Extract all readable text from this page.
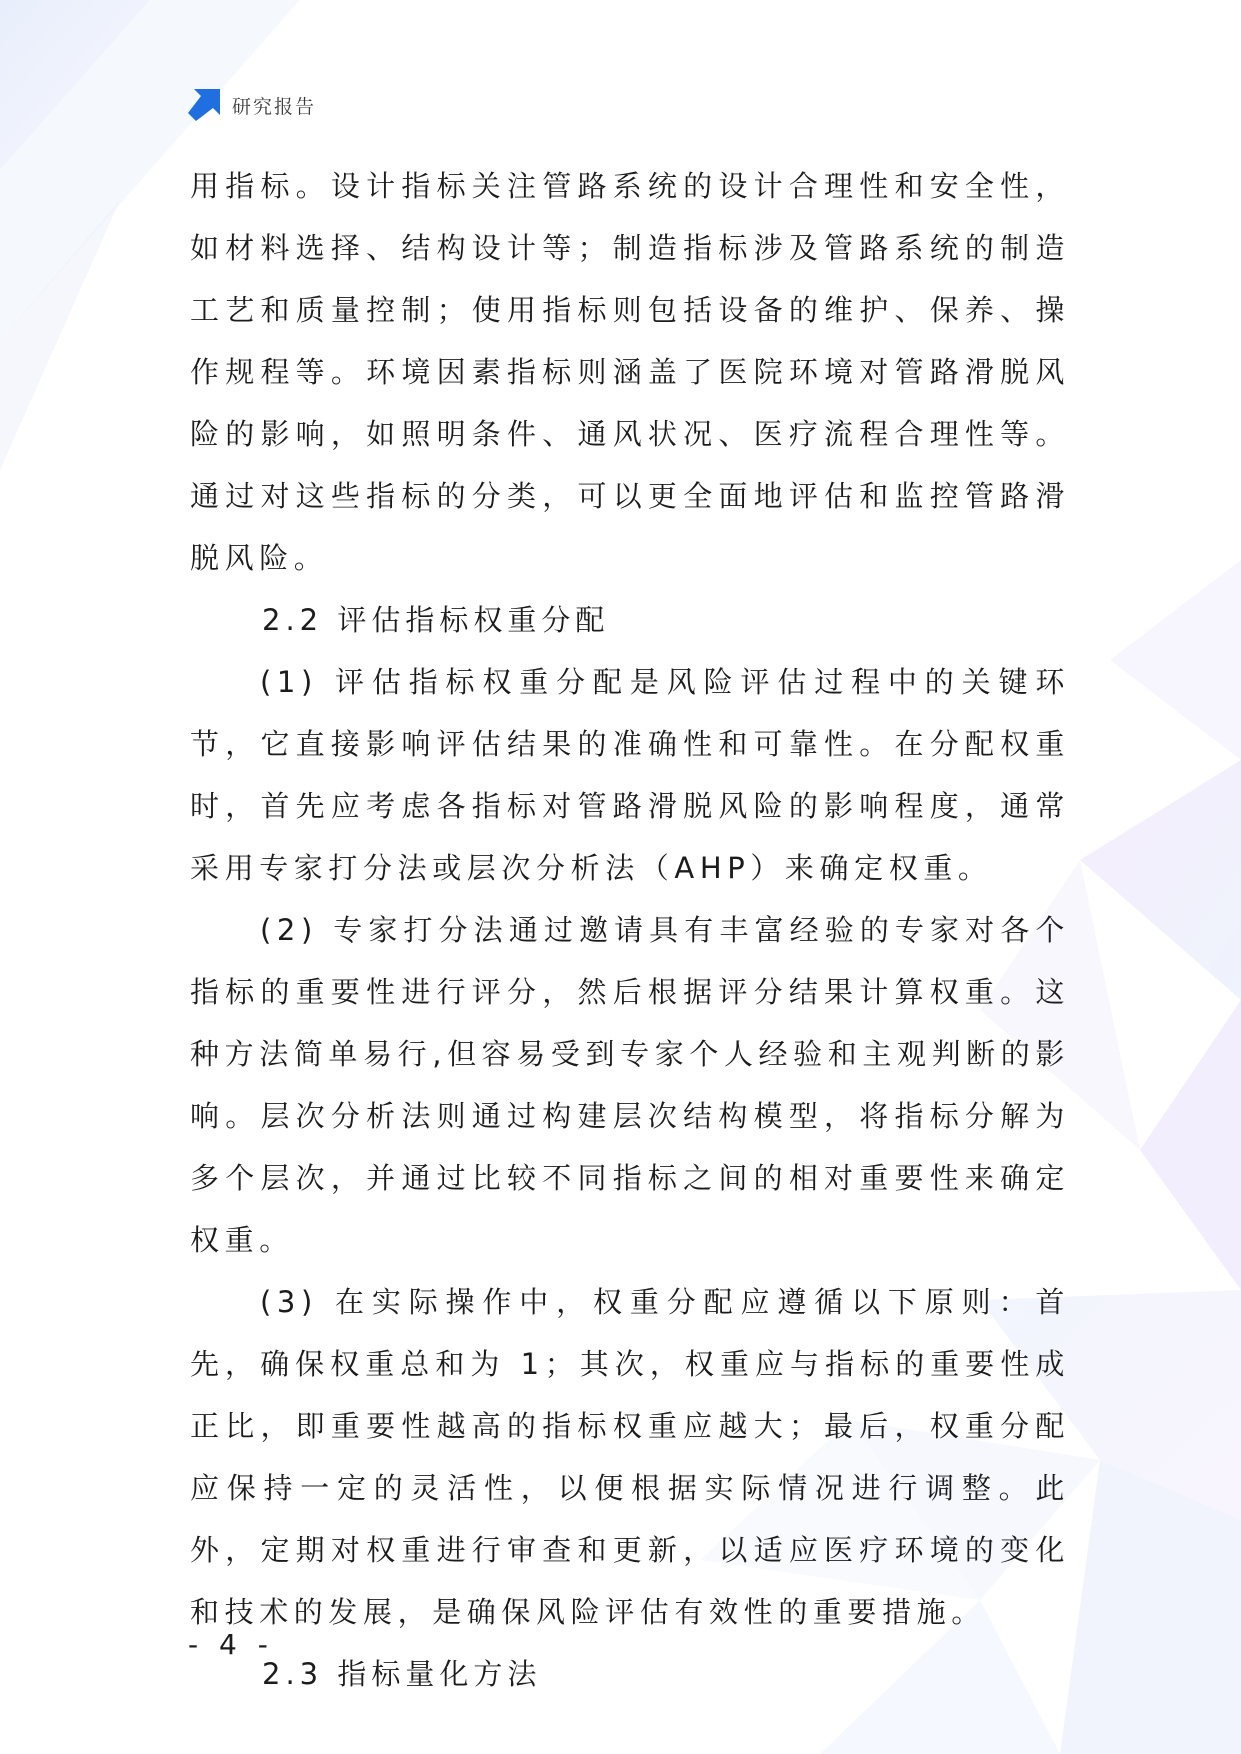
研究报告

用指标。设计指标关注管路系统的设计合理性和安全性，如材料选择、结构设计等；制造指标涉及管路系统的制造工艺和质量控制；使用指标则包括设备的维护、保养、操作规程等。环境因素指标则涵盖了医院环境对管路滑脱风险的影响，如照明条件、通风状况、医疗流程合理性等。通过对这些指标的分类，可以更全面地评估和监控管路滑脱风险。

2.2 评估指标权重分配

(1) 评估指标权重分配是风险评估过程中的关键环节，它直接影响评估结果的准确性和可靠性。在分配权重时，首先应考虑各指标对管路滑脱风险的影响程度，通常采用专家打分法或层次分析法（AHP）来确定权重。

(2) 专家打分法通过邀请具有丰富经验的专家对各个指标的重要性进行评分，然后根据评分结果计算权重。这种方法简单易行,但容易受到专家个人经验和主观判断的影响。层次分析法则通过构建层次结构模型，将指标分解为多个层次，并通过比较不同指标之间的相对重要性来确定权重。

(3) 在实际操作中，权重分配应遵循以下原则：首先，确保权重总和为 1；其次，权重应与指标的重要性成正比，即重要性越高的指标权重应越大；最后，权重分配应保持一定的灵活性，以便根据实际情况进行调整。此外，定期对权重进行审查和更新，以适应医疗环境的变化和技术的发展，是确保风险评估有效性的重要措施。

2.3 指标量化方法

- 4 -
